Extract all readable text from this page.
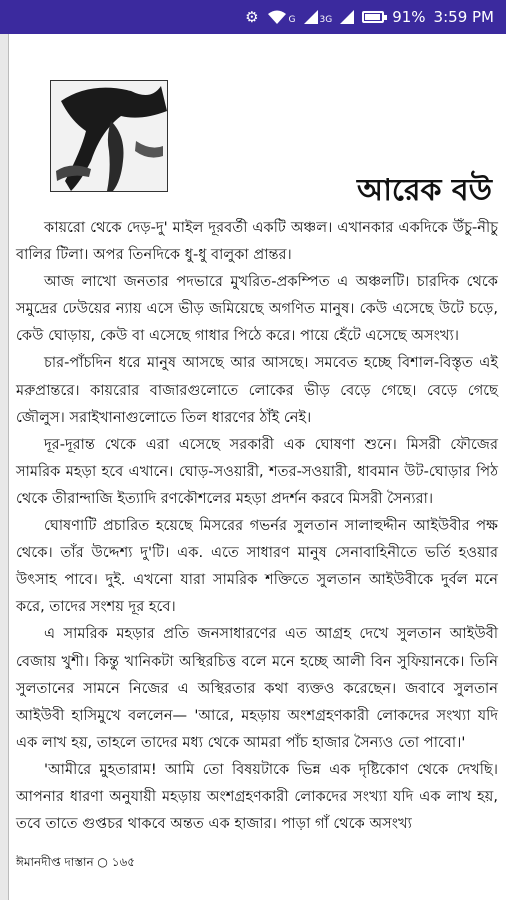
⚙	G	3G	91% 3:59 PM
আরেক বউ

কায়রো থেকে দেড়-দু' মাইল দূরবর্তী একটি অঞ্চল। এখানকার একদিকে উঁচু-নীচু বালির টিলা। অপর তিনদিকে ধু-ধু বালুকা প্রান্তর।

আজ লাখো জনতার পদভারে মুখরিত-প্রকম্পিত এ অঞ্চলটি। চারদিক থেকে সমুদ্রের ঢেউয়ের ন্যায় এসে ভীড় জমিয়েছে অগণিত মানুষ। কেউ এসেছে উটে চড়ে, কেউ ঘোড়ায়, কেউ বা এসেছে গাধার পিঠে করে। পায়ে হেঁটে এসেছে অসংখ্য।

চার-পাঁচদিন ধরে মানুষ আসছে আর আসছে। সমবেত হচ্ছে বিশাল-বিস্তৃত এই মরুপ্রান্তরে। কায়রোর বাজারগুলোতে লোকের ভীড় বেড়ে গেছে। বেড়ে গেছে জৌলুস। সরাইখানাগুলোতে তিল ধারণের ঠাঁই নেই।

দূর-দূরান্ত থেকে এরা এসেছে সরকারী এক ঘোষণা শুনে। মিসরী ফৌজের সামরিক মহড়া হবে এখানে। ঘোড়-সওয়ারী, শতর-সওয়ারী, ধাবমান উট-ঘোড়ার পিঠ থেকে তীরান্দাজি ইত্যাদি রণকৌশলের মহড়া প্রদর্শন করবে মিসরী সৈন্যরা।

ঘোষণাটি প্রচারিত হয়েছে মিসরের গভর্নর সুলতান সালাহুদ্দীন আইউবীর পক্ষ থেকে। তাঁর উদ্দেশ্য দু'টি। এক. এতে সাধারণ মানুষ সেনাবাহিনীতে ভর্তি হওয়ার উৎসাহ পাবে। দুই. এখনো যারা সামরিক শক্তিতে সুলতান আইউবীকে দুর্বল মনে করে, তাদের সংশয় দূর হবে।

এ সামরিক মহড়ার প্রতি জনসাধারণের এত আগ্রহ দেখে সুলতান আইউবী বেজায় খুশী। কিন্তু খানিকটা অস্থিরচিত্ত বলে মনে হচ্ছে আলী বিন সুফিয়ানকে। তিনি সুলতানের সামনে নিজের এ অস্থিরতার কথা ব্যক্তও করেছেন। জবাবে সুলতান আইউবী হাসিমুখে বললেন— 'আরে, মহড়ায় অংশগ্রহণকারী লোকদের সংখ্যা যদি এক লাখ হয়, তাহলে তাদের মধ্য থেকে আমরা পাঁচ হাজার সৈন্যও তো পাবো।'

'আমীরে মুহতারাম! আমি তো বিষয়টাকে ভিন্ন এক দৃষ্টিকোণ থেকে দেখছি। আপনার ধারণা অনুযায়ী মহড়ায় অংশগ্রহণকারী লোকদের সংখ্যা যদি এক লাখ হয়, তবে তাতে গুপ্তচর থাকবে অন্তত এক হাজার। পাড়া গাঁ থেকে অসংখ্য

ঈমানদীপ্ত দাস্তান ○ ১৬৫
